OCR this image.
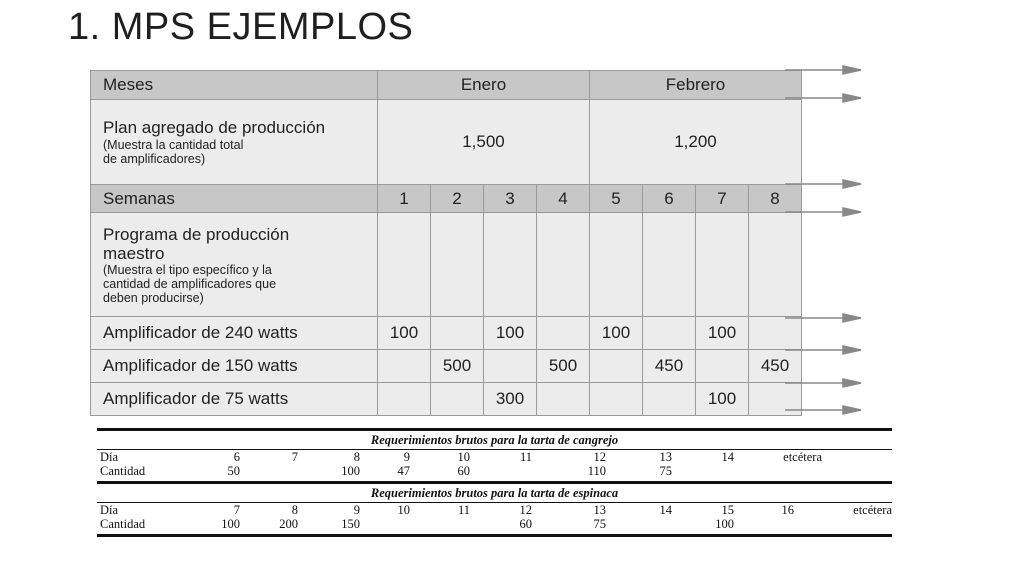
1. MPS EJEMPLOS
Meses	Enero				Febrero			
Plan agregado de producción
(Muestra la cantidad total
de amplificadores)	1,500				1,200			
Semanas	1	2	3	4	5	6	7	8

Programa de producción
maestro
(Muestra el tipo específico y la
cantidad de amplificadores que
deben producirse)								

Amplificador de 240 watts	100		100		100		100	
Amplificador de 150 watts		500		500		450		450
Amplificador de 75 watts			300				100	
Requerimientos brutos para la tarta de cangrejo
Día	6	7	8	9	10	11	12	13	14	etcétera	
Cantidad	50		100	47	60		110	75			
Requerimientos brutos para la tarta de espinaca
Día	7	8	9	10	11	12	13	14	15	16	etcétera
Cantidad	100	200	150			60	75		100		
